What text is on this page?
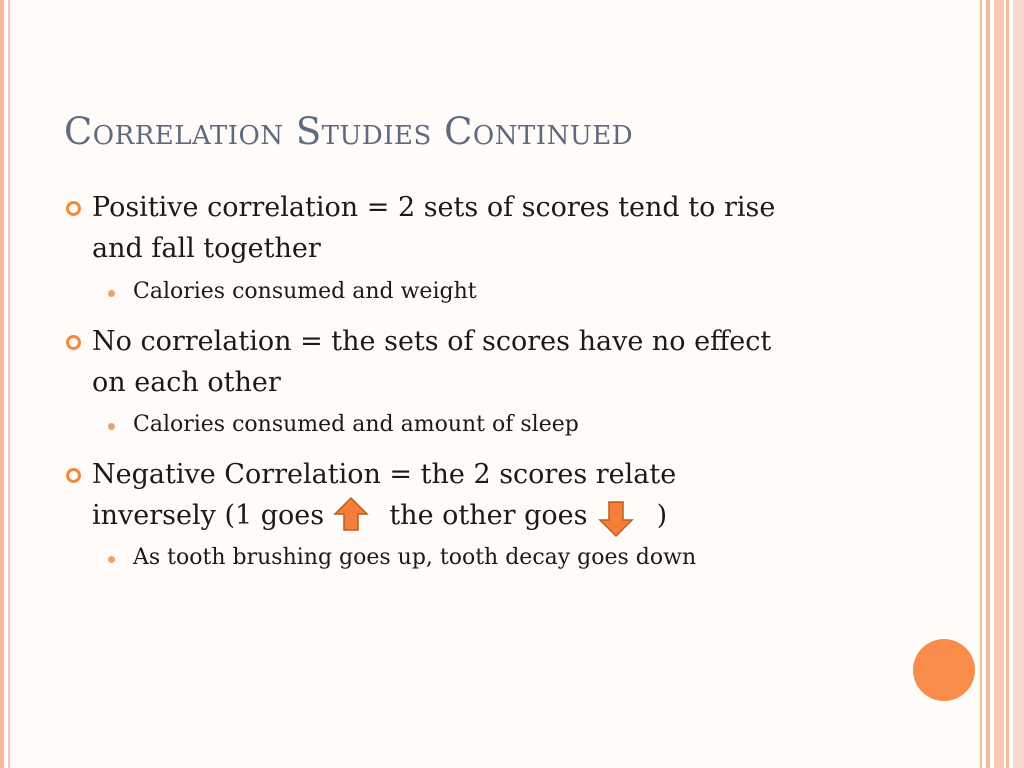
Correlation Studies Continued
Positive correlation = 2 sets of scores tend to rise
and fall together
Calories consumed and weight
No correlation = the sets of scores have no effect
on each other
Calories consumed and amount of sleep
Negative Correlation = the 2 scores relate
inversely (1 goes the other goes	)
As tooth brushing goes up, tooth decay goes down
